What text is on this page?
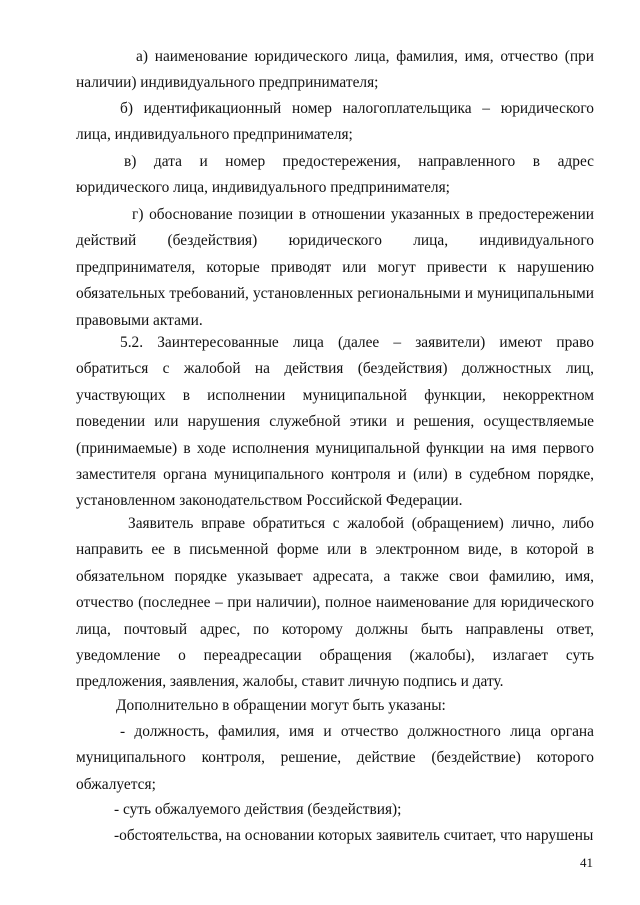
а) наименование юридического лица, фамилия, имя, отчество (при наличии) индивидуального предпринимателя;

б) идентификационный номер налогоплательщика – юридического лица, индивидуального предпринимателя;

в) дата и номер предостережения, направленного в адрес юридического лица, индивидуального предпринимателя;

г) обоснование позиции в отношении указанных в предостережении действий (бездействия) юридического лица, индивидуального предпринимателя, которые приводят или могут привести к нарушению обязательных требований, установленных региональными и муниципальными правовыми актами.

5.2. Заинтересованные лица (далее – заявители) имеют право обратиться с жалобой на действия (бездействия) должностных лиц, участвующих в исполнении муниципальной функции, некорректном поведении или нарушения служебной этики и решения, осуществляемые (принимаемые) в ходе исполнения муниципальной функции на имя первого заместителя органа муниципального контроля и (или) в судебном порядке, установленном законодательством Российской Федерации.

Заявитель вправе обратиться с жалобой (обращением) лично, либо направить ее в письменной форме или в электронном виде, в которой в обязательном порядке указывает адресата, а также свои фамилию, имя, отчество (последнее – при наличии), полное наименование для юридического лица, почтовый адрес, по которому должны быть направлены ответ, уведомление о переадресации обращения (жалобы), излагает суть предложения, заявления, жалобы, ставит личную подпись и дату.

Дополнительно в обращении могут быть указаны:

- должность, фамилия, имя и отчество должностного лица органа муниципального контроля, решение, действие (бездействие) которого обжалуется;

- суть обжалуемого действия (бездействия);

-обстоятельства, на основании которых заявитель считает, что нарушены

41
